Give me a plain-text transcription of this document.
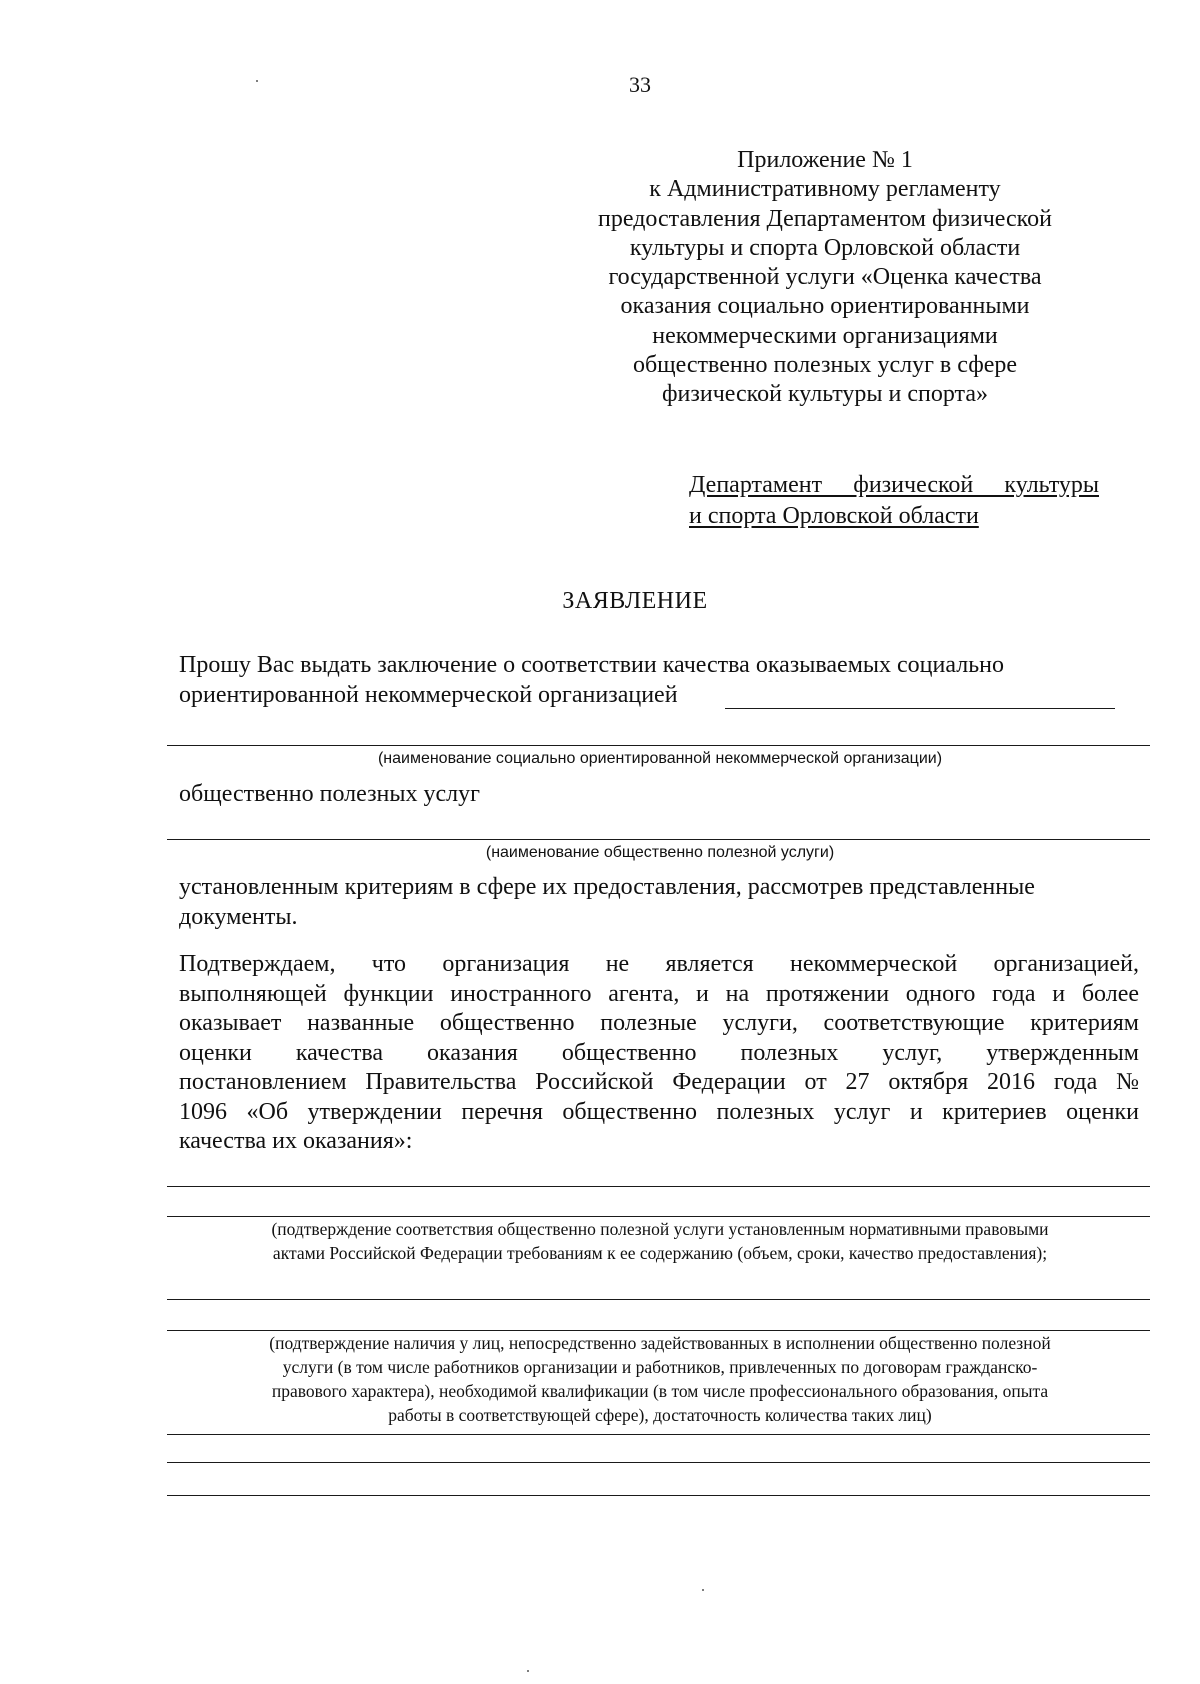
33
Приложение № 1
к Административному регламенту
предоставления Департаментом физической
культуры и спорта Орловской области
государственной услуги «Оценка качества
оказания социально ориентированными
некоммерческими организациями
общественно полезных услуг в сфере
физической культуры и спорта»
Департамент физической культуры
и спорта Орловской области
ЗАЯВЛЕНИЕ
Прошу Вас выдать заключение о соответствии качества оказываемых социально
ориентированной некоммерческой организацией
(наименование социально ориентированной некоммерческой организации)
общественно полезных услуг
(наименование общественно полезной услуги)
установленным критериям в сфере их предоставления, рассмотрев представленные
документы.
Подтверждаем, что организация не является некоммерческой организацией,
выполняющей функции иностранного агента, и на протяжении одного года и более
оказывает названные общественно полезные услуги, соответствующие критериям
оценки качества оказания общественно полезных услуг, утвержденным
постановлением Правительства Российской Федерации от 27 октября 2016 года №
1096 «Об утверждении перечня общественно полезных услуг и критериев оценки
качества их оказания»:
(подтверждение соответствия общественно полезной услуги установленным нормативными правовыми
актами Российской Федерации требованиям к ее содержанию (объем, сроки, качество предоставления);
(подтверждение наличия у лиц, непосредственно задействованных в исполнении общественно полезной
услуги (в том числе работников организации и работников, привлеченных по договорам гражданско-
правового характера), необходимой квалификации (в том числе профессионального образования, опыта
работы в соответствующей сфере), достаточность количества таких лиц)
